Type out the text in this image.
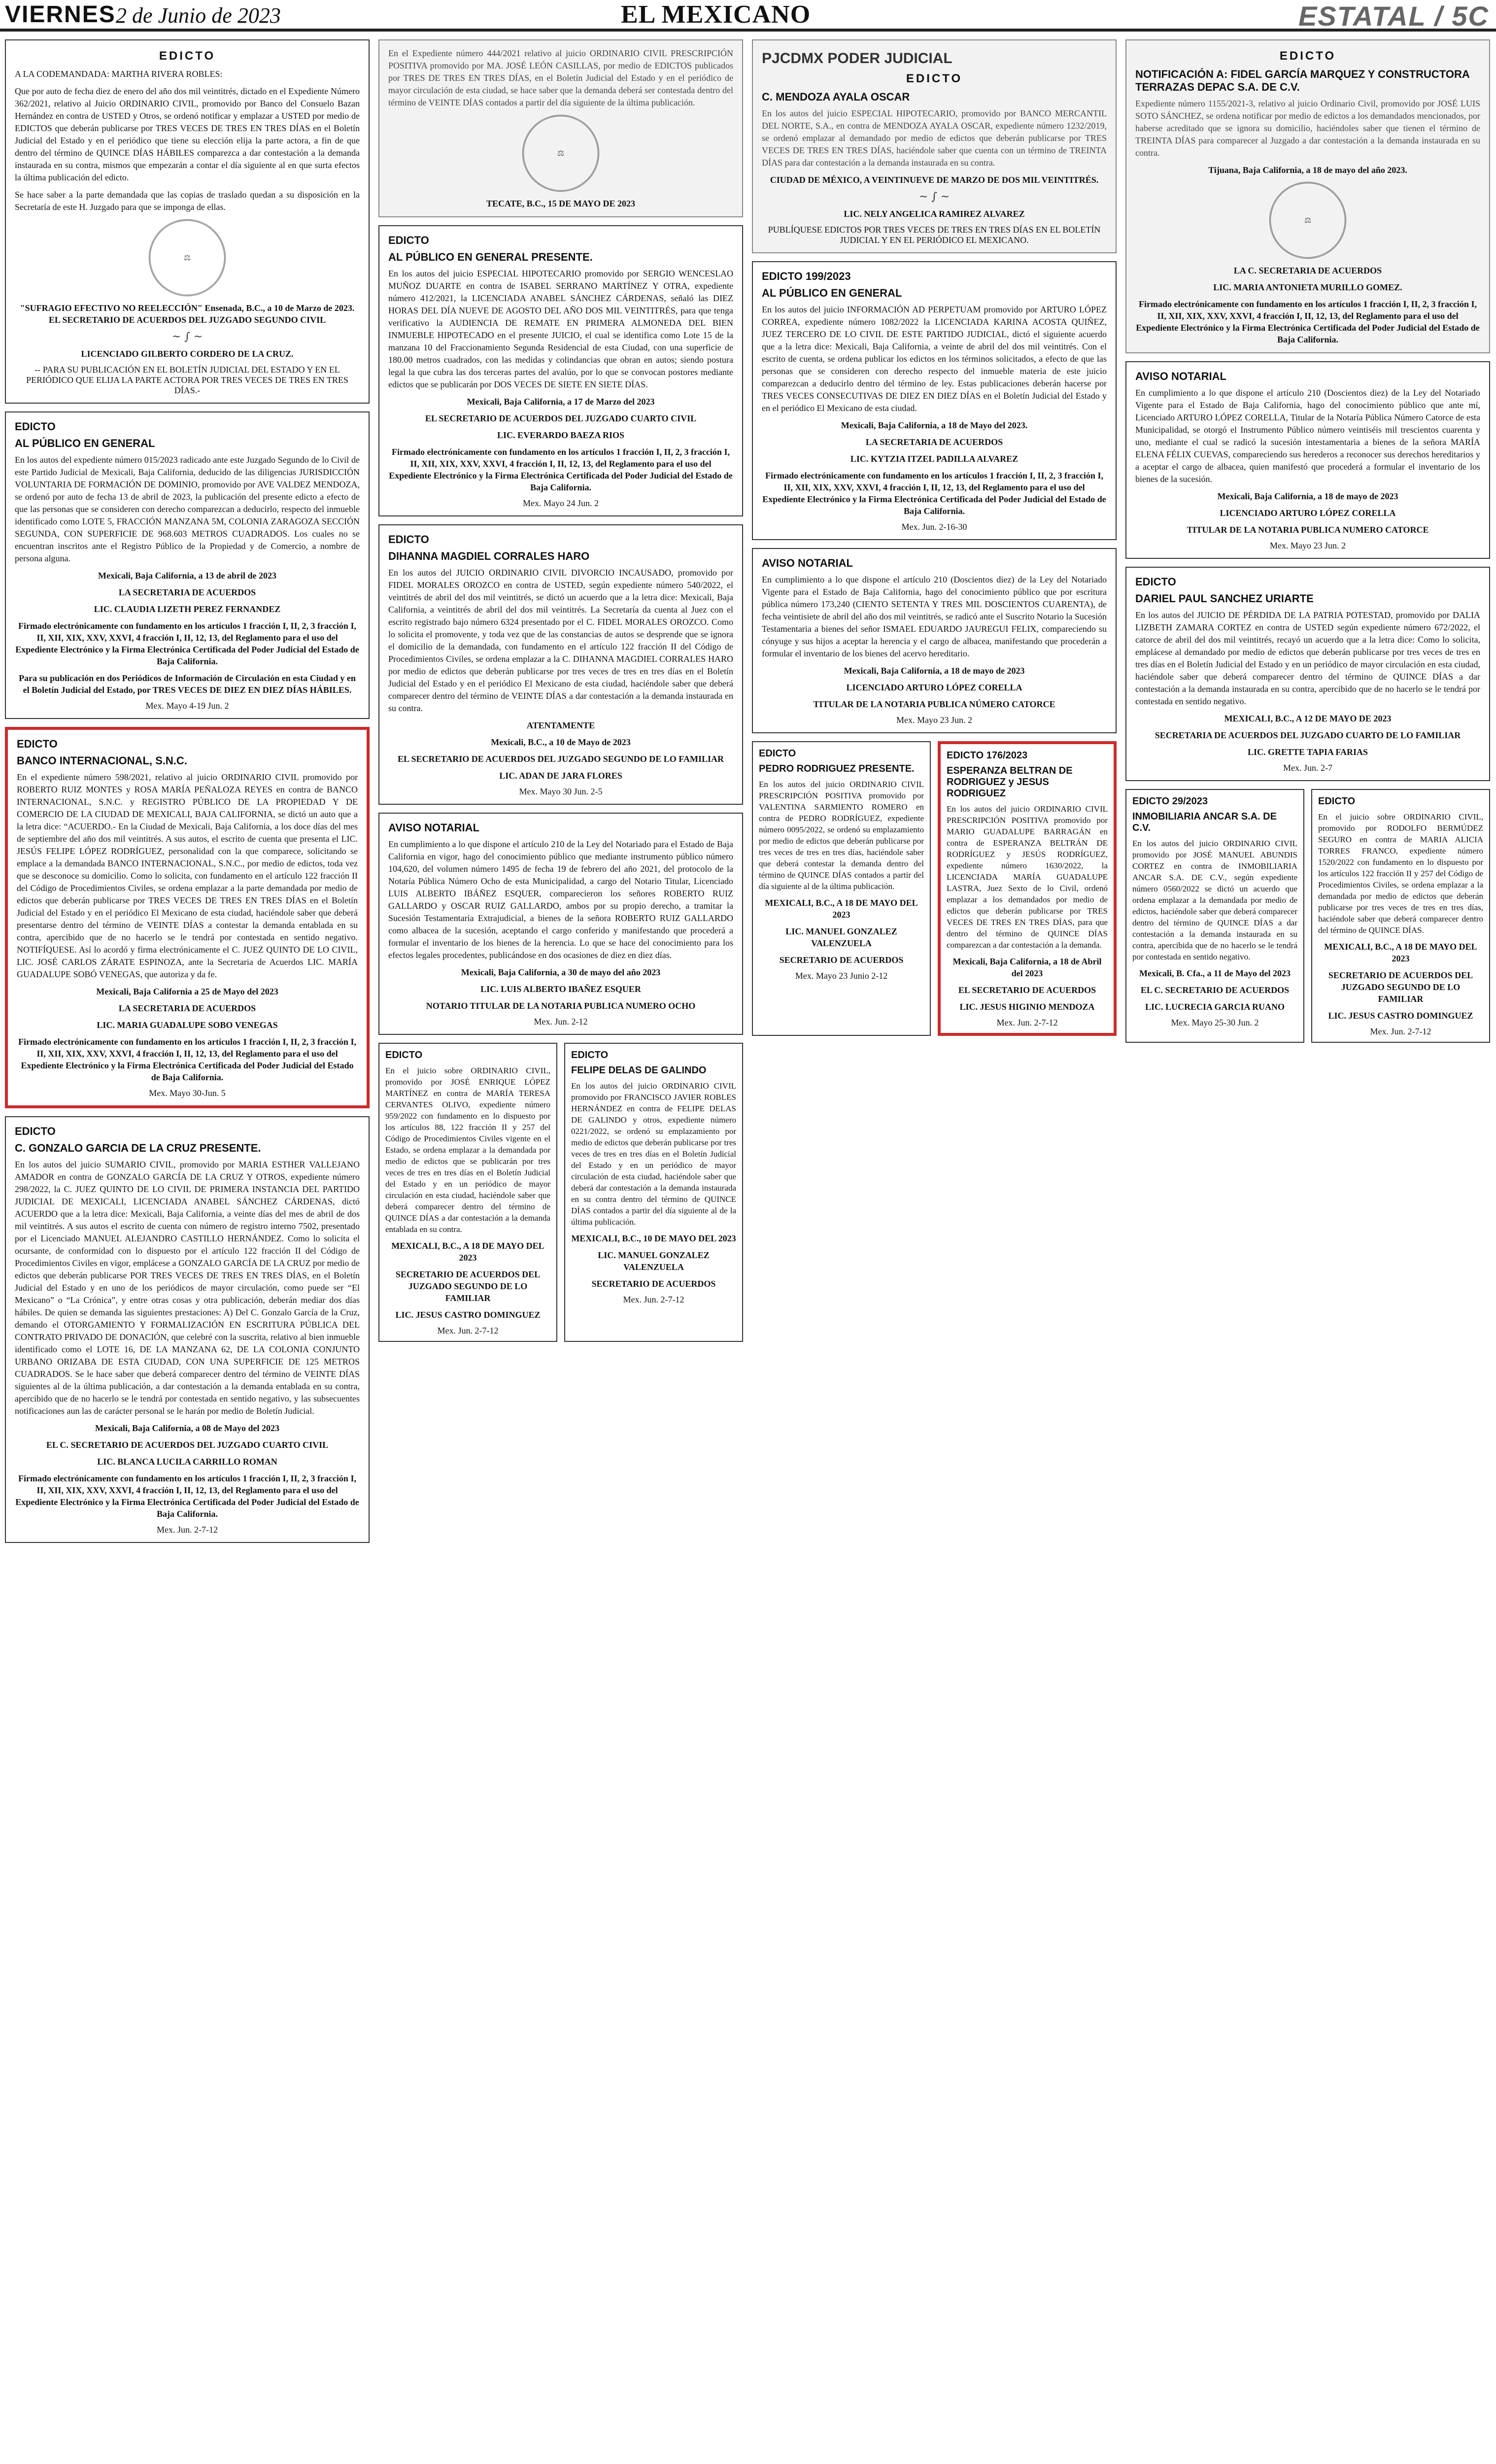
VIERNES 2 de Junio de 2023	EL MEXICANO	ESTATAL / 5C
EDICTO

A LA CODEMANDADA: MARTHA RIVERA ROBLES:

Que por auto de fecha diez de enero del año dos mil veintitrés, dictado en el Expediente Número 362/2021, relativo al Juicio ORDINARIO CIVIL, promovido por Banco del Consuelo Bazan Hernández en contra de USTED y Otros, se ordenó notificar y emplazar a USTED por medio de EDICTOS que deberán publicarse por TRES VECES DE TRES EN TRES DÍAS en el Boletín Judicial del Estado y en el periódico que tiene su elección elija la parte actora, a fin de que dentro del término de QUINCE DÍAS HÁBILES comparezca a dar contestación a la demanda instaurada en su contra, mismos que empezarán a contar el día siguiente al en que surta efectos la última publicación del edicto.

Se hace saber a la parte demandada que las copias de traslado quedan a su disposición en la Secretaría de este H. Juzgado para que se imponga de ellas.

⚖
"SUFRAGIO EFECTIVO NO REELECCIÓN" Ensenada, B.C., a 10 de Marzo de 2023. EL SECRETARIO DE ACUERDOS DEL JUZGADO SEGUNDO CIVIL
~ ∫ ~
LICENCIADO GILBERTO CORDERO DE LA CRUZ.
-- PARA SU PUBLICACIÓN EN EL BOLETÍN JUDICIAL DEL ESTADO Y EN EL PERIÓDICO QUE ELIJA LA PARTE ACTORA POR TRES VECES DE TRES EN TRES DÍAS.-
EDICTO
AL PÚBLICO EN GENERAL
En los autos del expediente número 015/2023 radicado ante este Juzgado Segundo de lo Civil de este Partido Judicial de Mexicali, Baja California, deducido de las diligencias JURISDICCIÓN VOLUNTARIA DE FORMACIÓN DE DOMINIO, promovido por AVE VALDEZ MENDOZA, se ordenó por auto de fecha 13 de abril de 2023, la publicación del presente edicto a efecto de que las personas que se consideren con derecho comparezcan a deducirlo, respecto del inmueble identificado como LOTE 5, FRACCIÓN MANZANA 5M, COLONIA ZARAGOZA SECCIÓN SEGUNDA, CON SUPERFICIE DE 968.603 METROS CUADRADOS. Los cuales no se encuentran inscritos ante el Registro Público de la Propiedad y de Comercio, a nombre de persona alguna.
Mexicali, Baja California, a 13 de abril de 2023
LA SECRETARIA DE ACUERDOS
LIC. CLAUDIA LIZETH PEREZ FERNANDEZ
Firmado electrónicamente con fundamento en los artículos 1 fracción I, II, 2, 3 fracción I, II, XII, XIX, XXV, XXVI, 4 fracción I, II, 12, 13, del Reglamento para el uso del Expediente Electrónico y la Firma Electrónica Certificada del Poder Judicial del Estado de Baja California.
Para su publicación en dos Periódicos de Información de Circulación en esta Ciudad y en el Boletín Judicial del Estado, por TRES VECES DE DIEZ EN DIEZ DÍAS HÁBILES.
Mex. Mayo 4-19 Jun. 2
EDICTO
BANCO INTERNACIONAL, S.N.C.
En el expediente número 598/2021, relativo al juicio ORDINARIO CIVIL promovido por ROBERTO RUIZ MONTES y ROSA MARÍA PEÑALOZA REYES en contra de BANCO INTERNACIONAL, S.N.C. y REGISTRO PÚBLICO DE LA PROPIEDAD Y DE COMERCIO DE LA CIUDAD DE MEXICALI, BAJA CALIFORNIA, se dictó un auto que a la letra dice: “ACUERDO.- En la Ciudad de Mexicali, Baja California, a los doce días del mes de septiembre del año dos mil veintitrés. A sus autos, el escrito de cuenta que presenta el LIC. JESÚS FELIPE LÓPEZ RODRÍGUEZ, personalidad con la que comparece, solicitando se emplace a la demandada BANCO INTERNACIONAL, S.N.C., por medio de edictos, toda vez que se desconoce su domicilio. Como lo solicita, con fundamento en el artículo 122 fracción II del Código de Procedimientos Civiles, se ordena emplazar a la parte demandada por medio de edictos que deberán publicarse por TRES VECES DE TRES EN TRES DÍAS en el Boletín Judicial del Estado y en el periódico El Mexicano de esta ciudad, haciéndole saber que deberá presentarse dentro del término de VEINTE DÍAS a contestar la demanda entablada en su contra, apercibido que de no hacerlo se le tendrá por contestada en sentido negativo. NOTIFÍQUESE. Así lo acordó y firma electrónicamente el C. JUEZ QUINTO DE LO CIVIL, LIC. JOSÉ CARLOS ZÁRATE ESPINOZA, ante la Secretaria de Acuerdos LIC. MARÍA GUADALUPE SOBÓ VENEGAS, que autoriza y da fe.
Mexicali, Baja California a 25 de Mayo del 2023
LA SECRETARIA DE ACUERDOS
LIC. MARIA GUADALUPE SOBO VENEGAS
Firmado electrónicamente con fundamento en los artículos 1 fracción I, II, 2, 3 fracción I, II, XII, XIX, XXV, XXVI, 4 fracción I, II, 12, 13, del Reglamento para el uso del Expediente Electrónico y la Firma Electrónica Certificada del Poder Judicial del Estado de Baja California.
Mex. Mayo 30-Jun. 5
EDICTO
C. GONZALO GARCIA DE LA CRUZ PRESENTE.
En los autos del juicio SUMARIO CIVIL, promovido por MARIA ESTHER VALLEJANO AMADOR en contra de GONZALO GARCÍA DE LA CRUZ Y OTROS, expediente número 298/2022, la C. JUEZ QUINTO DE LO CIVIL DE PRIMERA INSTANCIA DEL PARTIDO JUDICIAL DE MEXICALI, LICENCIADA ANABEL SÁNCHEZ CÁRDENAS, dictó ACUERDO que a la letra dice: Mexicali, Baja California, a veinte días del mes de abril de dos mil veintitrés. A sus autos el escrito de cuenta con número de registro interno 7502, presentado por el Licenciado MANUEL ALEJANDRO CASTILLO HERNÁNDEZ. Como lo solicita el ocursante, de conformidad con lo dispuesto por el artículo 122 fracción II del Código de Procedimientos Civiles en vigor, emplácese a GONZALO GARCÍA DE LA CRUZ por medio de edictos que deberán publicarse POR TRES VECES DE TRES EN TRES DÍAS, en el Boletín Judicial del Estado y en uno de los periódicos de mayor circulación, como puede ser “El Mexicano” o “La Crónica”, y entre otras cosas y otra publicación, deberán mediar dos días hábiles. De quien se demanda las siguientes prestaciones: A) Del C. Gonzalo García de la Cruz, demando el OTORGAMIENTO Y FORMALIZACIÓN EN ESCRITURA PÚBLICA DEL CONTRATO PRIVADO DE DONACIÓN, que celebré con la suscrita, relativo al bien inmueble identificado como el LOTE 16, DE LA MANZANA 62, DE LA COLONIA CONJUNTO URBANO ORIZABA DE ESTA CIUDAD, CON UNA SUPERFICIE DE 125 METROS CUADRADOS. Se le hace saber que deberá comparecer dentro del término de VEINTE DÍAS siguientes al de la última publicación, a dar contestación a la demanda entablada en su contra, apercibido que de no hacerlo se le tendrá por contestada en sentido negativo, y las subsecuentes notificaciones aun las de carácter personal se le harán por medio de Boletín Judicial.
Mexicali, Baja California, a 08 de Mayo del 2023
EL C. SECRETARIO DE ACUERDOS DEL JUZGADO CUARTO CIVIL
LIC. BLANCA LUCILA CARRILLO ROMAN
Firmado electrónicamente con fundamento en los artículos 1 fracción I, II, 2, 3 fracción I, II, XII, XIX, XXV, XXVI, 4 fracción I, II, 12, 13, del Reglamento para el uso del Expediente Electrónico y la Firma Electrónica Certificada del Poder Judicial del Estado de Baja California.
Mex. Jun. 2-7-12
En el Expediente número 444/2021 relativo al juicio ORDINARIO CIVIL PRESCRIPCIÓN POSITIVA promovido por MA. JOSÉ LEÓN CASILLAS, por medio de EDICTOS publicados por TRES DE TRES EN TRES DÍAS, en el Boletín Judicial del Estado y en el periódico de mayor circulación de esta ciudad, se hace saber que la demanda deberá ser contestada dentro del término de VEINTE DÍAS contados a partir del día siguiente de la última publicación.
⚖
TECATE, B.C., 15 DE MAYO DE 2023
EDICTO
AL PÚBLICO EN GENERAL PRESENTE.
En los autos del juicio ESPECIAL HIPOTECARIO promovido por SERGIO WENCESLAO MUÑOZ DUARTE en contra de ISABEL SERRANO MARTÍNEZ Y OTRA, expediente número 412/2021, la LICENCIADA ANABEL SÁNCHEZ CÁRDENAS, señaló las DIEZ HORAS DEL DÍA NUEVE DE AGOSTO DEL AÑO DOS MIL VEINTITRÉS, para que tenga verificativo la AUDIENCIA DE REMATE EN PRIMERA ALMONEDA DEL BIEN INMUEBLE HIPOTECADO en el presente JUICIO, el cual se identifica como Lote 15 de la manzana 10 del Fraccionamiento Segunda Residencial de esta Ciudad, con una superficie de 180.00 metros cuadrados, con las medidas y colindancias que obran en autos; siendo postura legal la que cubra las dos terceras partes del avalúo, por lo que se convocan postores mediante edictos que se publicarán por DOS VECES DE SIETE EN SIETE DÍAS.
Mexicali, Baja California, a 17 de Marzo del 2023
EL SECRETARIO DE ACUERDOS DEL JUZGADO CUARTO CIVIL
LIC. EVERARDO BAEZA RIOS
Firmado electrónicamente con fundamento en los artículos 1 fracción I, II, 2, 3 fracción I, II, XII, XIX, XXV, XXVI, 4 fracción I, II, 12, 13, del Reglamento para el uso del Expediente Electrónico y la Firma Electrónica Certificada del Poder Judicial del Estado de Baja California.
Mex. Mayo 24 Jun. 2
EDICTO
DIHANNA MAGDIEL CORRALES HARO
En los autos del JUICIO ORDINARIO CIVIL DIVORCIO INCAUSADO, promovido por FIDEL MORALES OROZCO en contra de USTED, según expediente número 540/2022, el veintitrés de abril del dos mil veintitrés, se dictó un acuerdo que a la letra dice: Mexicali, Baja California, a veintitrés de abril del dos mil veintitrés. La Secretaría da cuenta al Juez con el escrito registrado bajo número 6324 presentado por el C. FIDEL MORALES OROZCO. Como lo solicita el promovente, y toda vez que de las constancias de autos se desprende que se ignora el domicilio de la demandada, con fundamento en el artículo 122 fracción II del Código de Procedimientos Civiles, se ordena emplazar a la C. DIHANNA MAGDIEL CORRALES HARO por medio de edictos que deberán publicarse por tres veces de tres en tres días en el Boletín Judicial del Estado y en el periódico El Mexicano de esta ciudad, haciéndole saber que deberá comparecer dentro del término de VEINTE DÍAS a dar contestación a la demanda instaurada en su contra.
ATENTAMENTE
Mexicali, B.C., a 10 de Mayo de 2023
EL SECRETARIO DE ACUERDOS DEL JUZGADO SEGUNDO DE LO FAMILIAR
LIC. ADAN DE JARA FLORES
Mex. Mayo 30 Jun. 2-5
AVISO NOTARIAL
En cumplimiento a lo que dispone el artículo 210 de la Ley del Notariado para el Estado de Baja California en vigor, hago del conocimiento público que mediante instrumento público número 104,620, del volumen número 1495 de fecha 19 de febrero del año 2021, del protocolo de la Notaría Pública Número Ocho de esta Municipalidad, a cargo del Notario Titular, Licenciado LUIS ALBERTO IBÁÑEZ ESQUER, comparecieron los señores ROBERTO RUIZ GALLARDO y OSCAR RUIZ GALLARDO, ambos por su propio derecho, a tramitar la Sucesión Testamentaria Extrajudicial, a bienes de la señora ROBERTO RUIZ GALLARDO como albacea de la sucesión, aceptando el cargo conferido y manifestando que procederá a formular el inventario de los bienes de la herencia. Lo que se hace del conocimiento para los efectos legales procedentes, publicándose en dos ocasiones de diez en diez días.
Mexicali, Baja California, a 30 de mayo del año 2023
LIC. LUIS ALBERTO IBAÑEZ ESQUER
NOTARIO TITULAR DE LA NOTARIA PUBLICA NUMERO OCHO
Mex. Jun. 2-12
EDICTO
En el juicio sobre ORDINARIO CIVIL, promovido por JOSÉ ENRIQUE LÓPEZ MARTÍNEZ en contra de MARÍA TERESA CERVANTES OLIVO, expediente número 959/2022 con fundamento en lo dispuesto por los artículos 88, 122 fracción II y 257 del Código de Procedimientos Civiles vigente en el Estado, se ordena emplazar a la demandada por medio de edictos que se publicarán por tres veces de tres en tres días en el Boletín Judicial del Estado y en un periódico de mayor circulación en esta ciudad, haciéndole saber que deberá comparecer dentro del término de QUINCE DÍAS a dar contestación a la demanda entablada en su contra.
MEXICALI, B.C., A 18 DE MAYO DEL 2023
SECRETARIO DE ACUERDOS DEL JUZGADO SEGUNDO DE LO FAMILIAR
LIC. JESUS CASTRO DOMINGUEZ
Mex. Jun. 2-7-12
EDICTO
FELIPE DELAS DE GALINDO
En los autos del juicio ORDINARIO CIVIL promovido por FRANCISCO JAVIER ROBLES HERNÁNDEZ en contra de FELIPE DELAS DE GALINDO y otros, expediente número 0221/2022, se ordenó su emplazamiento por medio de edictos que deberán publicarse por tres veces de tres en tres días en el Boletín Judicial del Estado y en un periódico de mayor circulación de esta ciudad, haciéndole saber que deberá dar contestación a la demanda instaurada en su contra dentro del término de QUINCE DÍAS contados a partir del día siguiente al de la última publicación.
MEXICALI, B.C., 10 DE MAYO DEL 2023
LIC. MANUEL GONZALEZ VALENZUELA
SECRETARIO DE ACUERDOS
Mex. Jun. 2-7-12
PJCDMX PODER JUDICIAL
EDICTO
C. MENDOZA AYALA OSCAR
En los autos del juicio ESPECIAL HIPOTECARIO, promovido por BANCO MERCANTIL DEL NORTE, S.A., en contra de MENDOZA AYALA OSCAR, expediente número 1232/2019, se ordenó emplazar al demandado por medio de edictos que deberán publicarse por TRES VECES DE TRES EN TRES DÍAS, haciéndole saber que cuenta con un término de TREINTA DÍAS para dar contestación a la demanda instaurada en su contra.
CIUDAD DE MÉXICO, A VEINTINUEVE DE MARZO DE DOS MIL VEINTITRÉS.
~ ∫ ~
LIC. NELY ANGELICA RAMIREZ ALVAREZ
PUBLÍQUESE EDICTOS POR TRES VECES DE TRES EN TRES DÍAS EN EL BOLETÍN JUDICIAL Y EN EL PERIÓDICO EL MEXICANO.
EDICTO 199/2023
AL PÚBLICO EN GENERAL
En los autos del juicio INFORMACIÓN AD PERPETUAM promovido por ARTURO LÓPEZ CORREA, expediente número 1082/2022 la LICENCIADA KARINA ACOSTA QUIÑEZ, JUEZ TERCERO DE LO CIVIL DE ESTE PARTIDO JUDICIAL, dictó el siguiente acuerdo que a la letra dice: Mexicali, Baja California, a veinte de abril del dos mil veintitrés. Con el escrito de cuenta, se ordena publicar los edictos en los términos solicitados, a efecto de que las personas que se consideren con derecho respecto del inmueble materia de este juicio comparezcan a deducirlo dentro del término de ley. Estas publicaciones deberán hacerse por TRES VECES CONSECUTIVAS DE DIEZ EN DIEZ DÍAS en el Boletín Judicial del Estado y en el periódico El Mexicano de esta ciudad.
Mexicali, Baja California, a 18 de Mayo del 2023.
LA SECRETARIA DE ACUERDOS
LIC. KYTZIA ITZEL PADILLA ALVAREZ
Firmado electrónicamente con fundamento en los artículos 1 fracción I, II, 2, 3 fracción I, II, XII, XIX, XXV, XXVI, 4 fracción I, II, 12, 13, del Reglamento para el uso del Expediente Electrónico y la Firma Electrónica Certificada del Poder Judicial del Estado de Baja California.
Mex. Jun. 2-16-30
AVISO NOTARIAL
En cumplimiento a lo que dispone el artículo 210 (Doscientos diez) de la Ley del Notariado Vigente para el Estado de Baja California, hago del conocimiento público que por escritura pública número 173,240 (CIENTO SETENTA Y TRES MIL DOSCIENTOS CUARENTA), de fecha veintisiete de abril del año dos mil veintitrés, se radicó ante el Suscrito Notario la Sucesión Testamentaria a bienes del señor ISMAEL EDUARDO JAUREGUI FELIX, compareciendo su cónyuge y sus hijos a aceptar la herencia y el cargo de albacea, manifestando que procederán a formular el inventario de los bienes del acervo hereditario.
Mexicali, Baja California, a 18 de mayo de 2023
LICENCIADO ARTURO LÓPEZ CORELLA
TITULAR DE LA NOTARIA PUBLICA NÚMERO CATORCE
Mex. Mayo 23 Jun. 2
EDICTO
PEDRO RODRIGUEZ PRESENTE.
En los autos del juicio ORDINARIO CIVIL PRESCRIPCIÓN POSITIVA promovido por VALENTINA SARMIENTO ROMERO en contra de PEDRO RODRÍGUEZ, expediente número 0095/2022, se ordenó su emplazamiento por medio de edictos que deberán publicarse por tres veces de tres en tres días, haciéndole saber que deberá contestar la demanda dentro del término de QUINCE DÍAS contados a partir del día siguiente al de la última publicación.
MEXICALI, B.C., A 18 DE MAYO DEL 2023
LIC. MANUEL GONZALEZ VALENZUELA
SECRETARIO DE ACUERDOS
Mex. Mayo 23 Junio 2-12
EDICTO 176/2023
ESPERANZA BELTRAN DE RODRIGUEZ y JESUS RODRIGUEZ
En los autos del juicio ORDINARIO CIVIL PRESCRIPCIÓN POSITIVA promovido por MARIO GUADALUPE BARRAGÁN en contra de ESPERANZA BELTRÁN DE RODRÍGUEZ y JESÚS RODRÍGUEZ, expediente número 1630/2022, la LICENCIADA MARÍA GUADALUPE LASTRA, Juez Sexto de lo Civil, ordenó emplazar a los demandados por medio de edictos que deberán publicarse por TRES VECES DE TRES EN TRES DÍAS, para que dentro del término de QUINCE DÍAS comparezcan a dar contestación a la demanda.
Mexicali, Baja California, a 18 de Abril del 2023
EL SECRETARIO DE ACUERDOS
LIC. JESUS HIGINIO MENDOZA
Mex. Jun. 2-7-12
EDICTO
NOTIFICACIÓN A: FIDEL GARCÍA MARQUEZ Y CONSTRUCTORA TERRAZAS DEPAC S.A. DE C.V.
Expediente número 1155/2021-3, relativo al juicio Ordinario Civil, promovido por JOSÉ LUIS SOTO SÁNCHEZ, se ordena notificar por medio de edictos a los demandados mencionados, por haberse acreditado que se ignora su domicilio, haciéndoles saber que tienen el término de TREINTA DÍAS para comparecer al Juzgado a dar contestación a la demanda instaurada en su contra.
Tijuana, Baja California, a 18 de mayo del año 2023.
⚖
LA C. SECRETARIA DE ACUERDOS
LIC. MARIA ANTONIETA MURILLO GOMEZ.
Firmado electrónicamente con fundamento en los artículos 1 fracción I, II, 2, 3 fracción I, II, XII, XIX, XXV, XXVI, 4 fracción I, II, 12, 13, del Reglamento para el uso del Expediente Electrónico y la Firma Electrónica Certificada del Poder Judicial del Estado de Baja California.
AVISO NOTARIAL
En cumplimiento a lo que dispone el artículo 210 (Doscientos diez) de la Ley del Notariado Vigente para el Estado de Baja California, hago del conocimiento público que ante mí, Licenciado ARTURO LÓPEZ CORELLA, Titular de la Notaría Pública Número Catorce de esta Municipalidad, se otorgó el Instrumento Público número veintiséis mil trescientos cuarenta y uno, mediante el cual se radicó la sucesión intestamentaria a bienes de la señora MARÍA ELENA FÉLIX CUEVAS, compareciendo sus herederos a reconocer sus derechos hereditarios y a aceptar el cargo de albacea, quien manifestó que procederá a formular el inventario de los bienes de la sucesión.
Mexicali, Baja California, a 18 de mayo de 2023
LICENCIADO ARTURO LÓPEZ CORELLA
TITULAR DE LA NOTARIA PUBLICA NUMERO CATORCE
Mex. Mayo 23 Jun. 2
EDICTO
DARIEL PAUL SANCHEZ URIARTE
En los autos del JUICIO DE PÉRDIDA DE LA PATRIA POTESTAD, promovido por DALIA LIZBETH ZAMARA CORTEZ en contra de USTED según expediente número 672/2022, el catorce de abril del dos mil veintitrés, recayó un acuerdo que a la letra dice: Como lo solicita, emplácese al demandado por medio de edictos que deberán publicarse por tres veces de tres en tres días en el Boletín Judicial del Estado y en un periódico de mayor circulación en esta ciudad, haciéndole saber que deberá comparecer dentro del término de QUINCE DÍAS a dar contestación a la demanda instaurada en su contra, apercibido que de no hacerlo se le tendrá por contestada en sentido negativo.
MEXICALI, B.C., A 12 DE MAYO DE 2023
SECRETARIA DE ACUERDOS DEL JUZGADO CUARTO DE LO FAMILIAR
LIC. GRETTE TAPIA FARIAS
Mex. Jun. 2-7
EDICTO 29/2023
INMOBILIARIA ANCAR S.A. DE C.V.
En los autos del juicio ORDINARIO CIVIL promovido por JOSÉ MANUEL ABUNDIS CORTEZ en contra de INMOBILIARIA ANCAR S.A. DE C.V., según expediente número 0560/2022 se dictó un acuerdo que ordena emplazar a la demandada por medio de edictos, haciéndole saber que deberá comparecer dentro del término de QUINCE DÍAS a dar contestación a la demanda instaurada en su contra, apercibida que de no hacerlo se le tendrá por contestada en sentido negativo.
Mexicali, B. Cfa., a 11 de Mayo del 2023
EL C. SECRETARIO DE ACUERDOS
LIC. LUCRECIA GARCIA RUANO
Mex. Mayo 25-30 Jun. 2
EDICTO
En el juicio sobre ORDINARIO CIVIL, promovido por RODOLFO BERMÚDEZ SEGURO en contra de MARIA ALICIA TORRES FRANCO, expediente número 1520/2022 con fundamento en lo dispuesto por los artículos 122 fracción II y 257 del Código de Procedimientos Civiles, se ordena emplazar a la demandada por medio de edictos que deberán publicarse por tres veces de tres en tres días, haciéndole saber que deberá comparecer dentro del término de QUINCE DÍAS.
MEXICALI, B.C., A 18 DE MAYO DEL 2023
SECRETARIO DE ACUERDOS DEL JUZGADO SEGUNDO DE LO FAMILIAR
LIC. JESUS CASTRO DOMINGUEZ
Mex. Jun. 2-7-12
